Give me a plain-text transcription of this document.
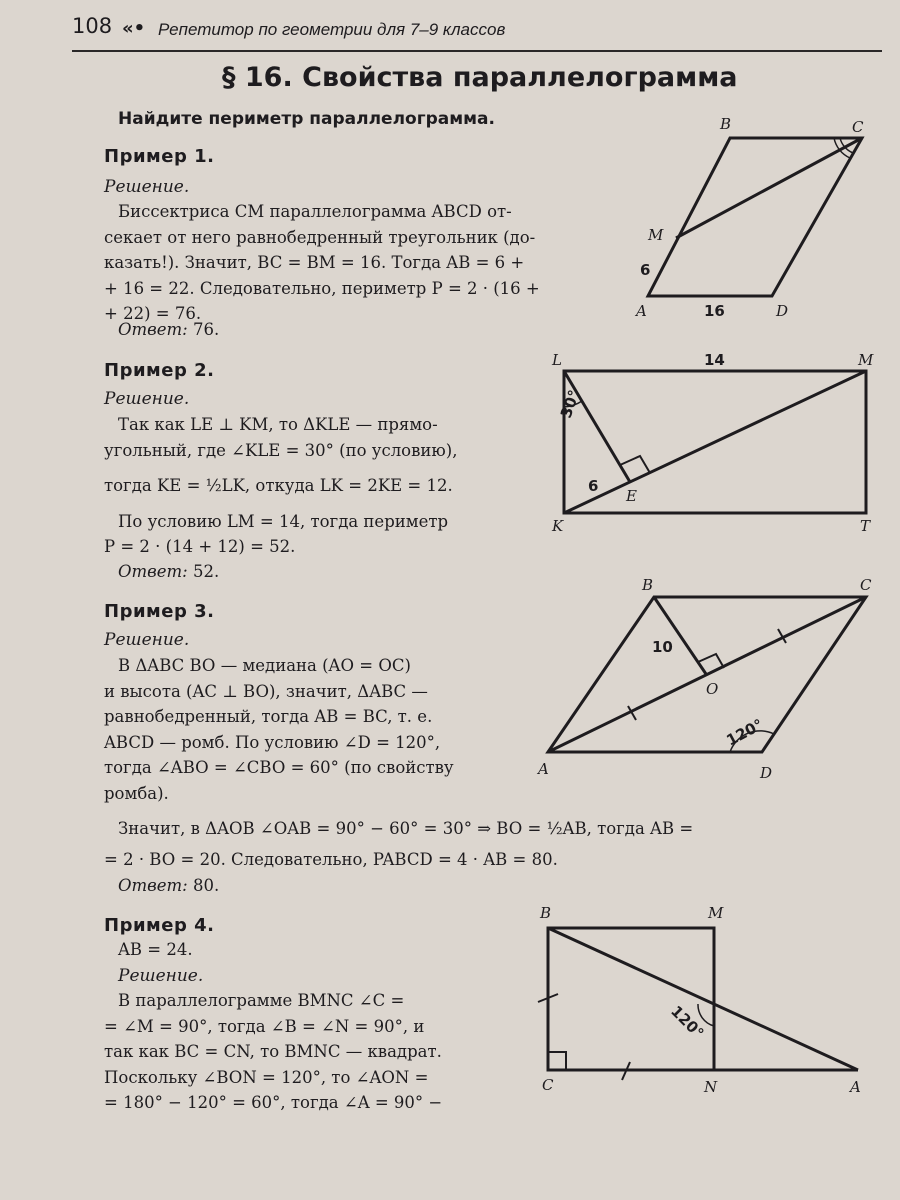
108 «• Репетитор по геометрии для 7–9 классов
§ 16. Свойства параллелограмма
Найдите периметр параллелограмма.
Пример 1.
Решение.
Биссектриса CM параллелограмма ABCD от-
секает от него равнобедренный треугольник (до-
казать!). Значит, BC = BM = 16. Тогда AB = 6 +
+ 16 = 22. Следовательно, периметр P = 2 · (16 +
+ 22) = 76.
Ответ: 76.
Пример 2.
Решение.
Так как LE ⊥ KM, то ΔKLE — прямо-
угольный, где ∠KLE = 30° (по условию),
тогда KE = ½LK, откуда LK = 2KE = 12.
По условию LM = 14, тогда периметр
P = 2 · (14 + 12) = 52.
Ответ: 52.
Пример 3.
Решение.
В ΔABC BO — медиана (AO = OC)
и высота (AC ⊥ BO), значит, ΔABC —
равнобедренный, тогда AB = BC, т. е.
ABCD — ромб. По условию ∠D = 120°,
тогда ∠ABO = ∠CBO = 60° (по свойству
ромба).
Значит, в ΔAOB ∠OAB = 90° − 60° = 30° ⇒ BO = ½AB, тогда AB =
= 2 · BO = 20. Следовательно, PABCD = 4 · AB = 80.
Ответ: 80.
Пример 4.
AB = 24.
Решение.
В параллелограмме BMNC ∠C =
= ∠M = 90°, тогда ∠B = ∠N = 90°, и
так как BC = CN, то BMNC — квадрат.
Поскольку ∠BON = 120°, то ∠AON =
= 180° − 120° = 60°, тогда ∠A = 90° −
B	C
M
A	D
6
16
L	M
K	T
E
14
6
30°
B	C
A	D
O
10
120°
B	M
C	N	A
120°
